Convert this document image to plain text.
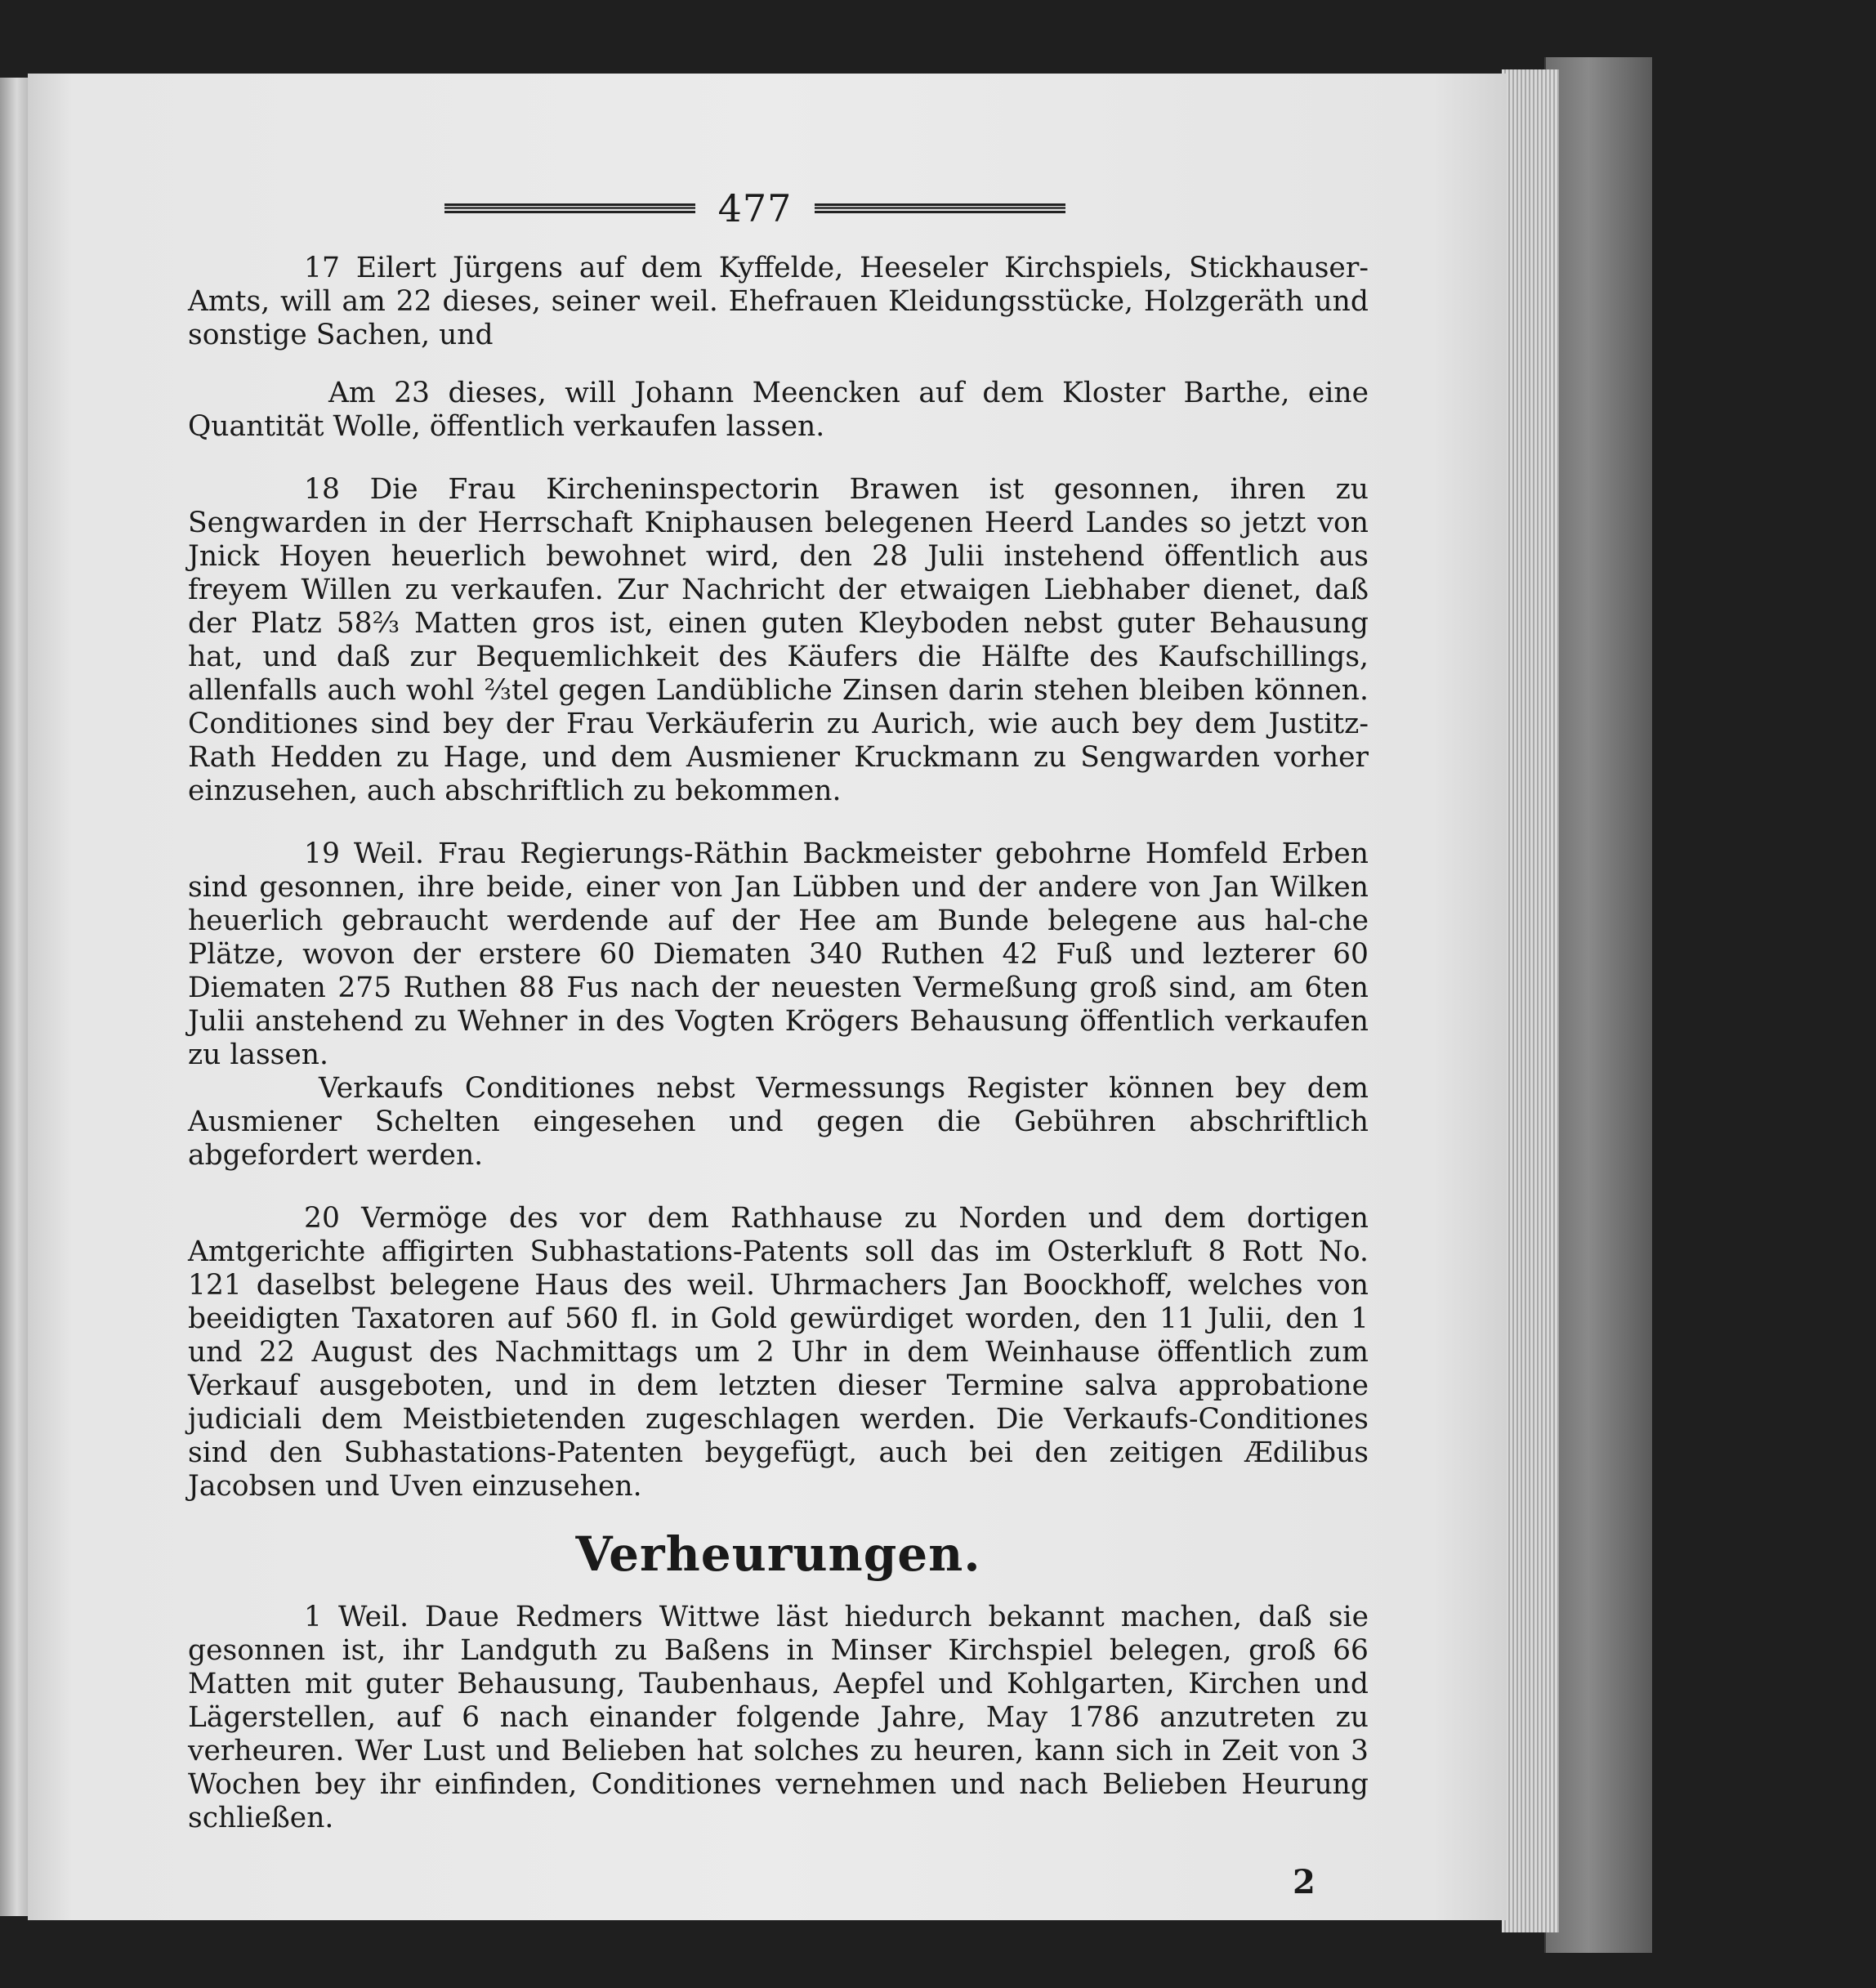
477

17 Eilert Jürgens auf dem Kyffelde, Heeseler Kirchspiels, Stickhauser-Amts, will am 22 dieses, seiner weil. Ehefrauen Kleidungsstücke, Holzgeräth und sonstige Sachen, und

Am 23 dieses, will Johann Meencken auf dem Kloster Barthe, eine Quantität Wolle, öffentlich verkaufen lassen.

18 Die Frau Kircheninspectorin Brawen ist gesonnen, ihren zu Sengwarden in der Herrschaft Kniphausen belegenen Heerd Landes so jetzt von Jnick Hoyen heuerlich bewohnet wird, den 28 Julii instehend öffentlich aus freyem Willen zu verkaufen. Zur Nachricht der etwaigen Liebhaber dienet, daß der Platz 58⅔ Matten gros ist, einen guten Kleyboden nebst guter Behausung hat, und daß zur Bequemlichkeit des Käufers die Hälfte des Kaufschillings, allenfalls auch wohl ⅔tel gegen Landübliche Zinsen darin stehen bleiben können. Conditiones sind bey der Frau Verkäuferin zu Aurich, wie auch bey dem Justitz-Rath Hedden zu Hage, und dem Ausmiener Kruckmann zu Sengwarden vorher einzusehen, auch abschriftlich zu bekommen.

19 Weil. Frau Regierungs-Räthin Backmeister gebohrne Homfeld Erben sind gesonnen, ihre beide, einer von Jan Lübben und der andere von Jan Wilken heuerlich gebraucht werdende auf der Hee am Bunde belegene aus hal-che Plätze, wovon der erstere 60 Diematen 340 Ruthen 42 Fuß und lezterer 60 Diematen 275 Ruthen 88 Fus nach der neuesten Vermeßung groß sind, am 6ten Julii anstehend zu Wehner in des Vogten Krögers Behausung öffentlich verkaufen zu lassen.
Verkaufs Conditiones nebst Vermessungs Register können bey dem Ausmiener Schelten eingesehen und gegen die Gebühren abschriftlich abgefordert werden.

20 Vermöge des vor dem Rathhause zu Norden und dem dortigen Amtgerichte affigirten Subhastations-Patents soll das im Osterkluft 8 Rott No. 121 daselbst belegene Haus des weil. Uhrmachers Jan Boockhoff, welches von beeidigten Taxatoren auf 560 fl. in Gold gewürdiget worden, den 11 Julii, den 1 und 22 August des Nachmittags um 2 Uhr in dem Weinhause öffentlich zum Verkauf ausgeboten, und in dem letzten dieser Termine salva approbatione judiciali dem Meistbietenden zugeschlagen werden. Die Verkaufs-Conditiones sind den Subhastations-Patenten beygefügt, auch bei den zeitigen Ædilibus Jacobsen und Uven einzusehen.

Verheurungen.

1 Weil. Daue Redmers Wittwe läst hiedurch bekannt machen, daß sie gesonnen ist, ihr Landguth zu Baßens in Minser Kirchspiel belegen, groß 66 Matten mit guter Behausung, Taubenhaus, Aepfel und Kohlgarten, Kirchen und Lägerstellen, auf 6 nach einander folgende Jahre, May 1786 anzutreten zu verheuren. Wer Lust und Belieben hat solches zu heuren, kann sich in Zeit von 3 Wochen bey ihr einfinden, Conditiones vernehmen und nach Belieben Heurung schließen.

2
